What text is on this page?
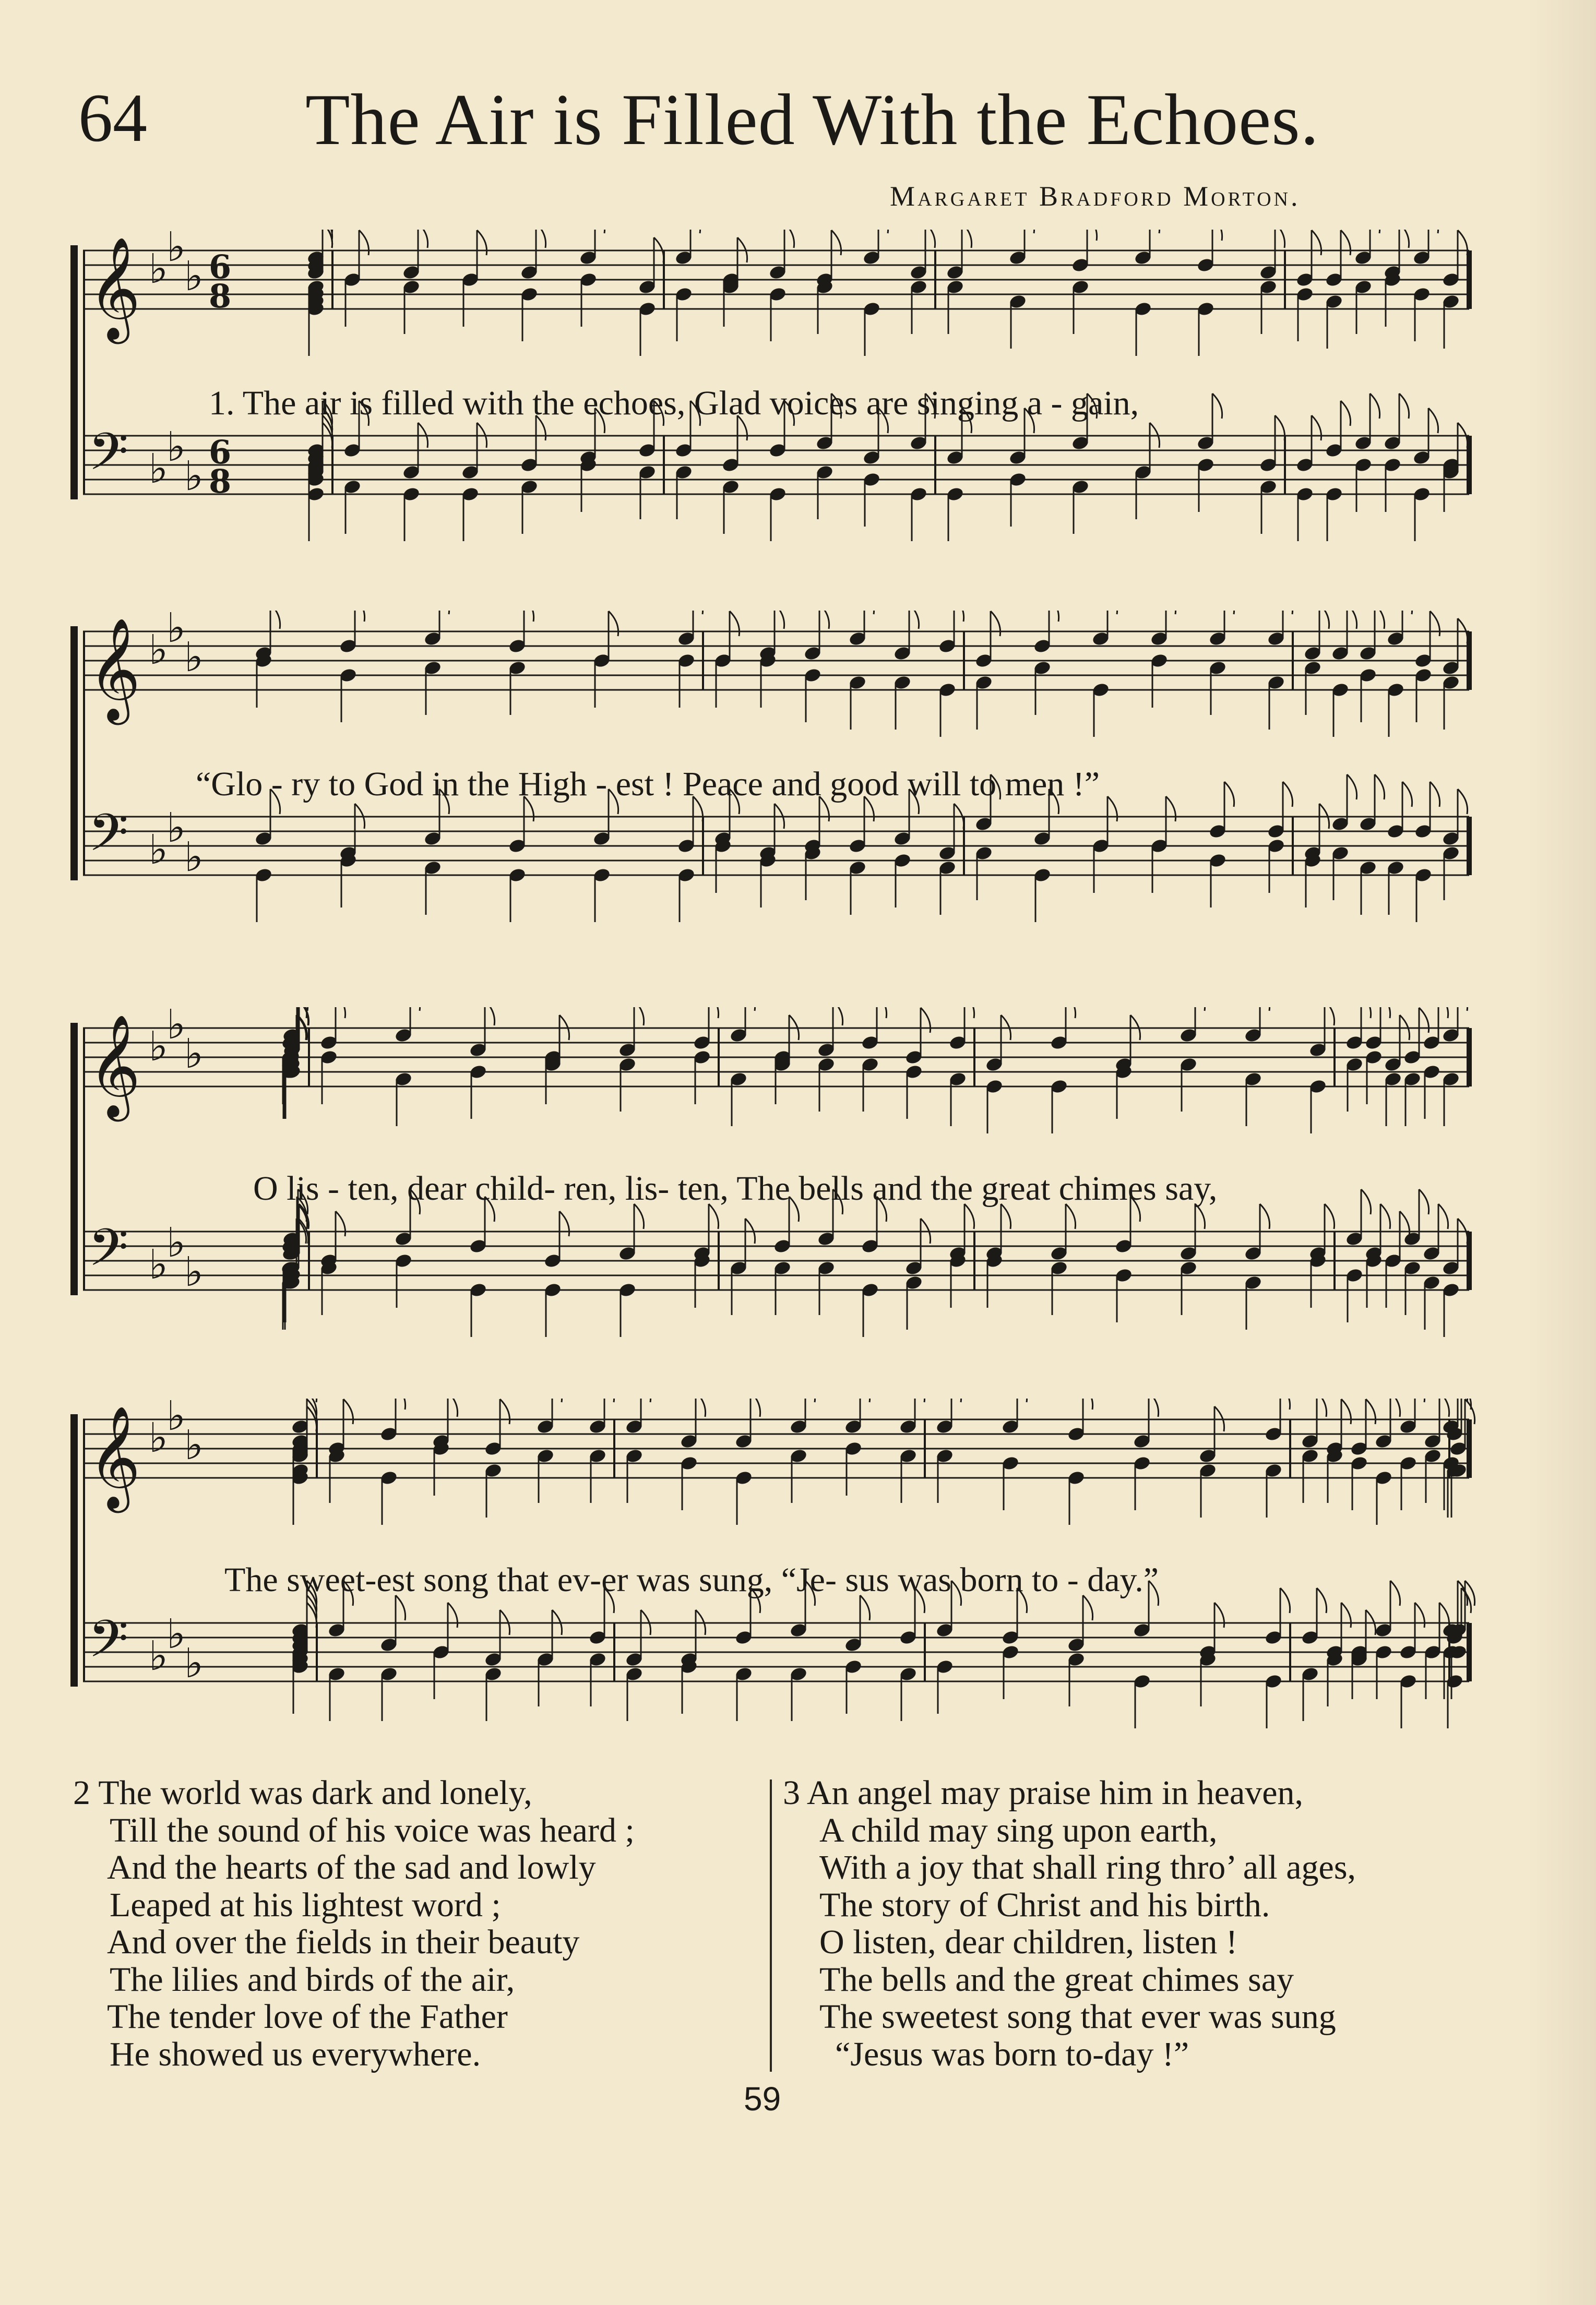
64 The Air is Filled With the Echoes.
Margaret Bradford Morton.
𝄞 ♭
♭
♭ 6
8
𝄢 ♭
♭
♭
6
8
1. The air is filled with the echoes, Glad voices are singing a - gain,
𝄞 ♭
♭
♭
𝄢 ♭
♭
♭
“Glo - ry to God in the High - est ! Peace and good will to men !”
𝄞 ♭
♭
♭
𝄢 ♭
♭
♭
O lis - ten, dear child- ren, lis- ten, The bells and the great chimes say,
𝄞 ♭
♭
♭
𝄢 ♭
♭
♭
The sweet-est song that ev-er was sung, “Je- sus was born to - day.”
2 The world was dark and lonely,
Till the sound of his voice was heard ;
And the hearts of the sad and lowly
Leaped at his lightest word ;
And over the fields in their beauty
The lilies and birds of the air,
The tender love of the Father
He showed us everywhere.
3 An angel may praise him in heaven,
A child may sing upon earth,
With a joy that shall ring thro’ all ages,
The story of Christ and his birth.
O listen, dear children, listen !
The bells and the great chimes say
The sweetest song that ever was sung
“Jesus was born to-day !”
59
